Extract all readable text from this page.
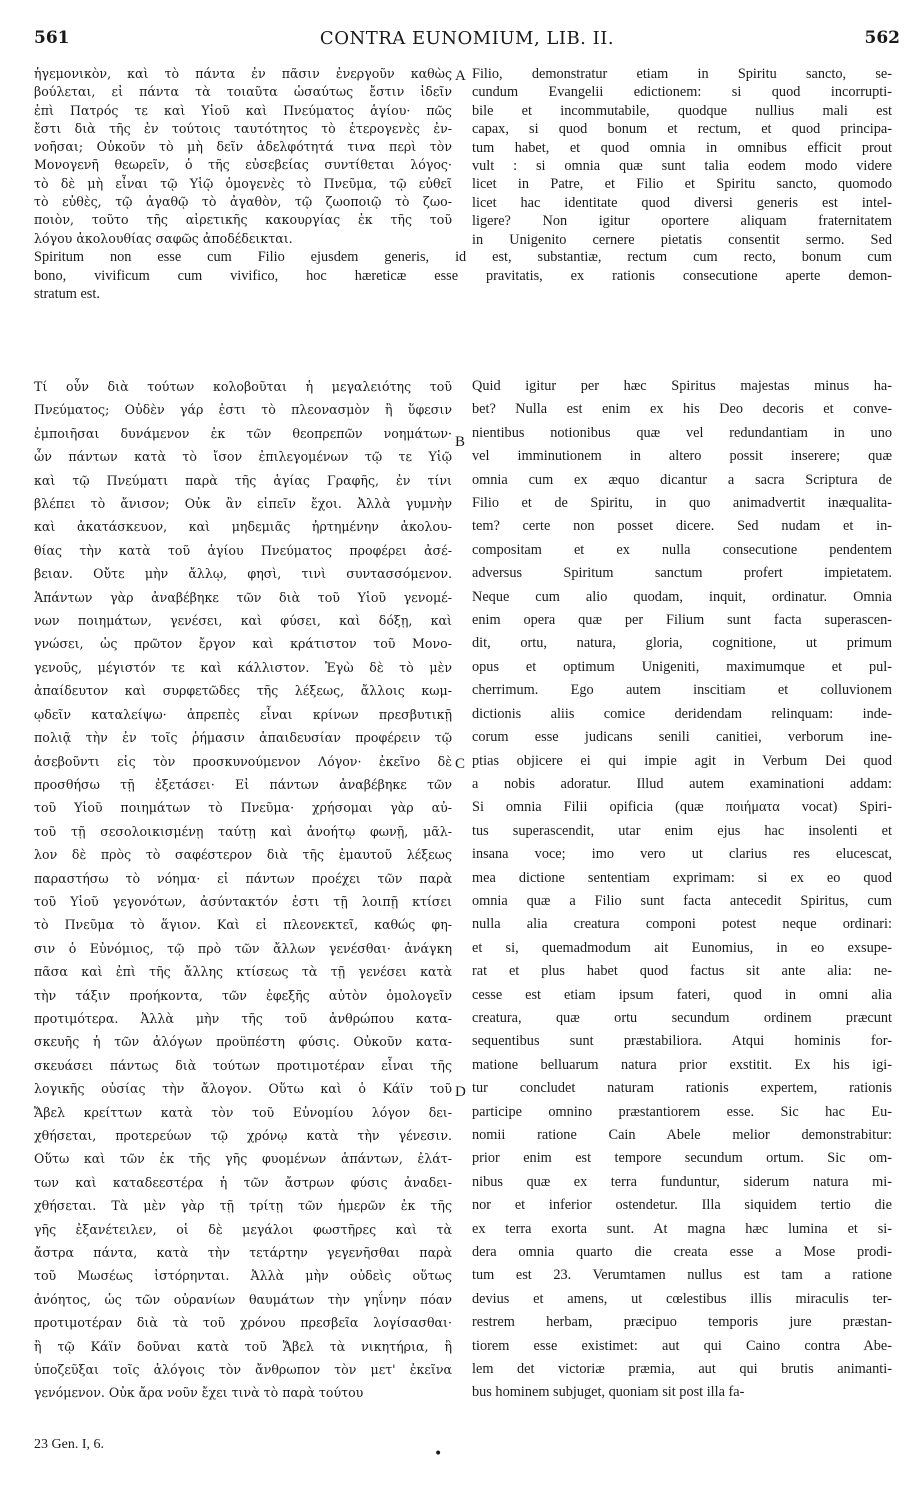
561	CONTRA EUNOMIUM, LIB. II.	562
ἡγεμονικὸν, καὶ τὸ πάντα ἐν πᾶσιν ἐνεργοῦν καθὼς
βούλεται, εἰ πάντα τὰ τοιαῦτα ὡσαύτως ἔστιν ἰδεῖν
ἐπὶ Πατρός τε καὶ Υἱοῦ καὶ Πνεύματος ἁγίου· πῶς
ἔστι διὰ τῆς ἐν τούτοις ταυτότητος τὸ ἑτερογενὲς ἐν-
νοῆσαι; Οὐκοῦν τὸ μὴ δεῖν ἀδελφότητά τινα περὶ τὸν
Μονογενῆ θεωρεῖν, ὁ τῆς εὐσεβείας συντίθεται λόγος·
τὸ δὲ μὴ εἶναι τῷ Υἱῷ ὁμογενὲς τὸ Πνεῦμα, τῷ εὐθεῖ
τὸ εὐθὲς, τῷ ἀγαθῷ τὸ ἀγαθὸν, τῷ ζωοποιῷ τὸ ζωο-
ποιὸν, τοῦτο τῆς αἱρετικῆς κακουργίας ἐκ τῆς τοῦ
λόγου ἀκολουθίας σαφῶς ἀποδέδεικται.
Filio, demonstratur etiam in Spiritu sancto, se-
cundum Evangelii edictionem: si quod incorrupti-
bile et incommutabile, quodque nullius mali est
capax, si quod bonum et rectum, et quod principa-
tum habet, et quod omnia in omnibus efficit prout
vult : si omnia quæ sunt talia eodem modo videre
licet in Patre, et Filio et Spiritu sancto, quomodo
licet hac identitate quod diversi generis est intel-
ligere? Non igitur oportere aliquam fraternitatem
in Unigenito cernere pietatis consentit sermo. Sed
A
B
C
D
Spiritum non esse cum Filio ejusdem generis, id est, substantiæ, rectum cum recto, bonum cum
bono, vivificum cum vivifico, hoc hæreticæ esse pravitatis, ex rationis consecutione aperte demon-
stratum est.
Τί οὖν διὰ τούτων κολοβοῦται ἡ μεγαλειότης τοῦ
Πνεύματος; Οὐδὲν γάρ ἐστι τὸ πλεονασμὸν ἢ ὕφεσιν
ἐμποιῆσαι δυνάμενον ἐκ τῶν θεοπρεπῶν νοημάτων·
ὧν πάντων κατὰ τὸ ἴσον ἐπιλεγομένων τῷ τε Υἱῷ
καὶ τῷ Πνεύματι παρὰ τῆς ἁγίας Γραφῆς, ἐν τίνι
βλέπει τὸ ἄνισον; Οὐκ ἂν εἰπεῖν ἔχοι. Ἀλλὰ γυμνὴν
καὶ ἀκατάσκευον, καὶ μηδεμιᾶς ἠρτημένην ἀκολου-
θίας τὴν κατὰ τοῦ ἁγίου Πνεύματος προφέρει ἀσέ-
βειαν. Οὔτε μὴν ἄλλῳ, φησὶ, τινὶ συντασσόμενον.
Ἁπάντων γὰρ ἀναβέβηκε τῶν διὰ τοῦ Υἱοῦ γενομέ-
νων ποιημάτων, γενέσει, καὶ φύσει, καὶ δόξῃ, καὶ
γνώσει, ὡς πρῶτον ἔργον καὶ κράτιστον τοῦ Μονο-
γενοῦς, μέγιστόν τε καὶ κάλλιστον. Ἐγὼ δὲ τὸ μὲν
ἀπαίδευτον καὶ συρφετῶδες τῆς λέξεως, ἄλλοις κωμ-
ῳδεῖν καταλείψω· ἀπρεπὲς εἶναι κρίνων πρεσβυτικῇ
πολιᾷ τὴν ἐν τοῖς ῥήμασιν ἀπαιδευσίαν προφέρειν τῷ
ἀσεβοῦντι εἰς τὸν προσκυνούμενον Λόγον· ἐκεῖνο δὲ
προσθήσω τῇ ἐξετάσει· Εἰ πάντων ἀναβέβηκε τῶν
τοῦ Υἱοῦ ποιημάτων τὸ Πνεῦμα· χρήσομαι γὰρ αὐ-
τοῦ τῇ σεσολοικισμένῃ ταύτῃ καὶ ἀνοήτῳ φωνῇ, μᾶλ-
λον δὲ πρὸς τὸ σαφέστερον διὰ τῆς ἐμαυτοῦ λέξεως
παραστήσω τὸ νόημα· εἰ πάντων προέχει τῶν παρὰ
τοῦ Υἱοῦ γεγονότων, ἀσύντακτόν ἐστι τῇ λοιπῇ κτίσει
τὸ Πνεῦμα τὸ ἅγιον. Καὶ εἰ πλεονεκτεῖ, καθώς φη-
σιν ὁ Εὐνόμιος, τῷ πρὸ τῶν ἄλλων γενέσθαι· ἀνάγκη
πᾶσα καὶ ἐπὶ τῆς ἄλλης κτίσεως τὰ τῇ γενέσει κατὰ
τὴν τάξιν προήκοντα, τῶν ἐφεξῆς αὐτὸν ὁμολογεῖν
προτιμότερα. Ἀλλὰ μὴν τῆς τοῦ ἀνθρώπου κατα-
σκευῆς ἡ τῶν ἀλόγων προϋπέστη φύσις. Οὐκοῦν κατα-
σκευάσει πάντως διὰ τούτων προτιμοτέραν εἶναι τῆς
λογικῆς οὐσίας τὴν ἄλογον. Οὕτω καὶ ὁ Κάϊν τοῦ
Ἄβελ κρείττων κατὰ τὸν τοῦ Εὐνομίου λόγον δει-
χθήσεται, προτερεύων τῷ χρόνῳ κατὰ τὴν γένεσιν.
Οὕτω καὶ τῶν ἐκ τῆς γῆς φυομένων ἁπάντων, ἐλάτ-
των καὶ καταδεεστέρα ἡ τῶν ἄστρων φύσις ἀναδει-
χθήσεται. Τὰ μὲν γὰρ τῇ τρίτῃ τῶν ἡμερῶν ἐκ τῆς
γῆς ἐξανέτειλεν, οἱ δὲ μεγάλοι φωστῆρες καὶ τὰ
ἄστρα πάντα, κατὰ τὴν τετάρτην γεγενῆσθαι παρὰ
τοῦ Μωσέως ἱστόρηνται. Ἀλλὰ μὴν οὐδεὶς οὕτως
ἀνόητος, ὡς τῶν οὐρανίων θαυμάτων τὴν γηΐνην πόαν
προτιμοτέραν διὰ τὰ τοῦ χρόνου πρεσβεῖα λογίσασθαι·
ἢ τῷ Κάϊν δοῦναι κατὰ τοῦ Ἄβελ τὰ νικητήρια, ἢ
ὑποζεῦξαι τοῖς ἀλόγοις τὸν ἄνθρωπον τὸν μετ' ἐκεῖνα
γενόμενον. Οὐκ ἄρα νοῦν ἔχει τινὰ τὸ παρὰ τούτου
Quid igitur per hæc Spiritus majestas minus ha-
bet? Nulla est enim ex his Deo decoris et conve-
nientibus notionibus quæ vel redundantiam in uno
vel imminutionem in altero possit inserere; quæ
omnia cum ex æquo dicantur a sacra Scriptura de
Filio et de Spiritu, in quo animadvertit inæqualita-
tem? certe non posset dicere. Sed nudam et in-
compositam et ex nulla consecutione pendentem
adversus Spiritum sanctum profert impietatem.
Neque cum alio quodam, inquit, ordinatur. Omnia
enim opera quæ per Filium sunt facta superascen-
dit, ortu, natura, gloria, cognitione, ut primum
opus et optimum Unigeniti, maximumque et pul-
cherrimum. Ego autem inscitiam et colluvionem
dictionis aliis comice deridendam relinquam: inde-
corum esse judicans senili canitiei, verborum ine-
ptias objicere ei qui impie agit in Verbum Dei quod
a nobis adoratur. Illud autem examinationi addam:
Si omnia Filii opificia (quæ ποιήματα vocat) Spiri-
tus superascendit, utar enim ejus hac insolenti et
insana voce; imo vero ut clarius res elucescat,
mea dictione sententiam exprimam: si ex eo quod
omnia quæ a Filio sunt facta antecedit Spiritus, cum
nulla alia creatura componi potest neque ordinari:
et si, quemadmodum ait Eunomius, in eo exsupe-
rat et plus habet quod factus sit ante alia: ne-
cesse est etiam ipsum fateri, quod in omni alia
creatura, quæ ortu secundum ordinem præcunt
sequentibus sunt præstabiliora. Atqui hominis for-
matione belluarum natura prior exstitit. Ex his igi-
tur concludet naturam rationis expertem, rationis
participe omnino præstantiorem esse. Sic hac Eu-
nomii ratione Cain Abele melior demonstrabitur:
prior enim est tempore secundum ortum. Sic om-
nibus quæ ex terra funduntur, siderum natura mi-
nor et inferior ostendetur. Illa siquidem tertio die
ex terra exorta sunt. At magna hæc lumina et si-
dera omnia quarto die creata esse a Mose prodi-
tum est 23. Verumtamen nullus est tam a ratione
devius et amens, ut cœlestibus illis miraculis ter-
restrem herbam, præcipuo temporis jure præstan-
tiorem esse existimet: aut qui Caino contra Abe-
lem det victoriæ præmia, aut qui brutis animanti-
bus hominem subjuget, quoniam sit post illa fa-
23 Gen. I, 6.
•
